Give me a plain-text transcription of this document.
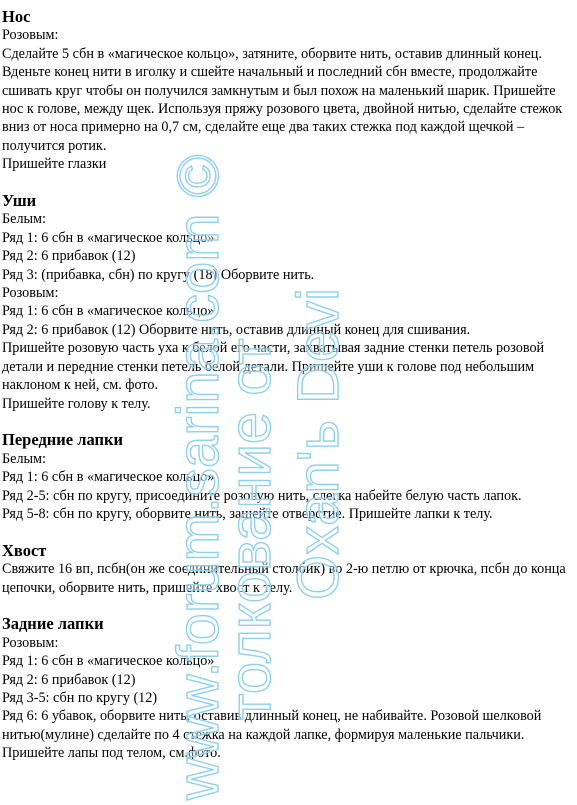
Нос
Розовым:
Сделайте 5 сбн в «магическое кольцо», затяните, оборвите нить, оставив длинный конец. Вденьте конец нити в иголку и сшейте начальный и последний сбн вместе, продолжайте сшивать круг чтобы он получился замкнутым и был похож на маленький шарик. Пришейте нос к голове, между щек. Используя пряжу розового цвета, двойной нитью, сделайте стежок вниз от носа примерно на 0,7 см, сделайте еще два таких стежка под каждой щечкой – получится ротик.
Пришейте глазки
Уши
Белым:
Ряд 1: 6 сбн в «магическое кольцо»
Ряд 2: 6 прибавок (12)
Ряд 3: (прибавка, сбн) по кругу (18) Оборвите нить.
Розовым:
Ряд 1: 6 сбн в «магическое кольцо»
Ряд 2: 6 прибавок (12) Оборвите нить, оставив длинный конец для сшивания.
Пришейте розовую часть уха к белой его части, захватывая задние стенки петель розовой детали и передние стенки петель белой детали. Пришейте уши к голове под небольшим наклоном к ней, см. фото.
Пришейте голову к телу.
Передние лапки
Белым:
Ряд 1: 6 сбн в «магическое кольцо»
Ряд 2-5: сбн по кругу, присоедините розовую нить, слегка набейте белую часть лапок.
Ряд 5-8: сбн по кругу, оборвите нить, зашейте отверстие. Пришейте лапки к телу.
Хвост
Свяжите 16 вп, псбн(он же соединительный столбик) во 2-ю петлю от крючка, псбн до конца цепочки, оборвите нить, пришейте хвост к телу.
Задние лапки
Розовым:
Ряд 1: 6 сбн в «магическое кольцо»
Ряд 2: 6 прибавок (12)
Ряд 3-5: сбн по кругу (12)
Ряд 6: 6 убавок, оборвите нить, оставив длинный конец, не набивайте. Розовой шелковой нитью(мулине) сделайте по 4 стежка на каждой лапке, формируя маленькие пальчики. Пришейте лапы под телом, см.фото.
www.forum.sarina.com ©
толкование от Oxan'ь Devi
